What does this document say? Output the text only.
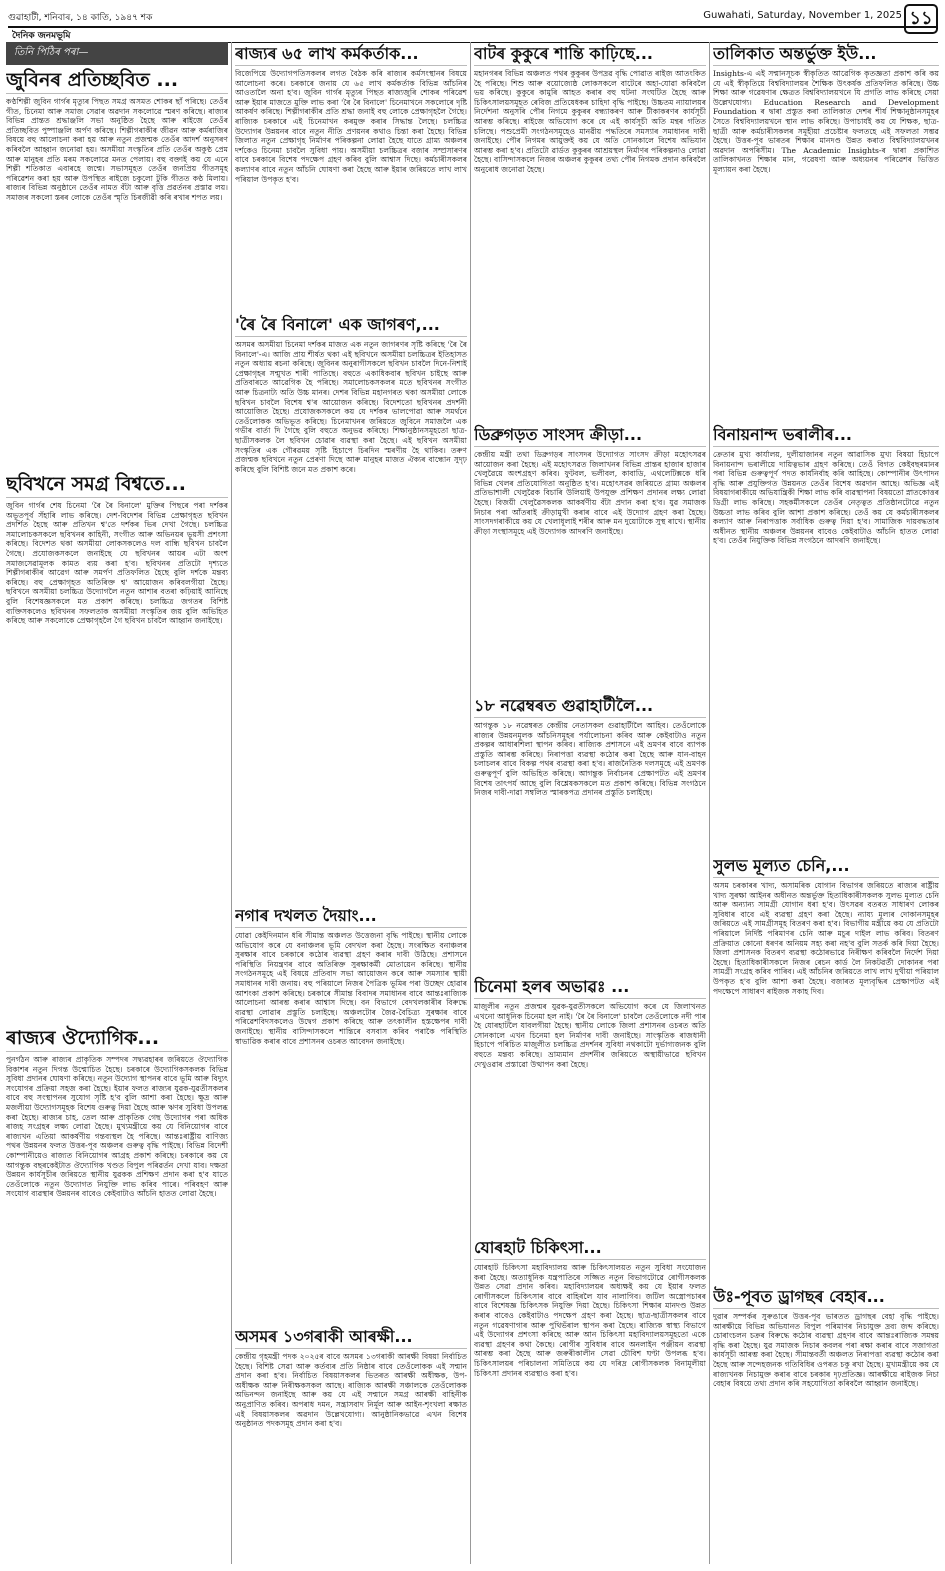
গুৱাহাটী, শনিবাৰ, ১৪ কাতি, ১৯৪৭ শক	Guwahati, Saturday, November 1, 2025 ১১
দৈনিক জনমভূমি
তিনি পিঠিৰ পৰা—
জুবিনৰ প্ৰতিচ্ছবিত ...
কণ্ঠশিল্পী জুবিন গাৰ্গৰ মৃত্যুৰ পিছত সমগ্ৰ অসমত শোকৰ ছাঁ পৰিছে। তেওঁৰ গীত, চিনেমা আৰু সমাজ সেৱাৰ অৱদান সকলোৱে স্মৰণ কৰিছে। ৰাজ্যৰ বিভিন্ন প্ৰান্তত শ্ৰদ্ধাঞ্জলি সভা অনুষ্ঠিত হৈছে আৰু ৰাইজে তেওঁৰ প্ৰতিচ্ছবিত পুষ্পাঞ্জলি অৰ্পণ কৰিছে। শিল্পীগৰাকীৰ জীৱন আৰু কৰ্মৰাজিৰ বিষয়ে বহু আলোচনা কৰা হয় আৰু নতুন প্ৰজন্মক তেওঁৰ আদৰ্শ অনুসৰণ কৰিবলৈ আহ্বান জনোৱা হয়। অসমীয়া সংস্কৃতিৰ প্ৰতি তেওঁৰ অকুণ্ঠ প্ৰেম আৰু মানুহৰ প্ৰতি মৰম সকলোৱে মনত পেলায়। বহু বক্তাই কয় যে এনে শিল্পী শতিকাত এবাৰহে জন্মে। সভাসমূহত তেওঁৰ জনপ্ৰিয় গীতসমূহ পৰিৱেশন কৰা হয় আৰু উপস্থিত ৰাইজে চকুলো টুকি গীতত কণ্ঠ মিলায়। ৰাজ্যৰ বিভিন্ন অনুষ্ঠানে তেওঁৰ নামত বঁটা আৰু বৃত্তি প্ৰৱৰ্তনৰ প্ৰস্তাৱ লয়। সমাজৰ সকলো স্তৰৰ লোকে তেওঁৰ স্মৃতি চিৰজীৱী কৰি ৰখাৰ শপত লয়।
ছবিখনে সমগ্ৰ বিশ্বতে...
জুবিন গাৰ্গৰ শেষ চিনেমা 'ৰৈ ৰৈ বিনালে' মুক্তিৰ পিছৰে পৰা দৰ্শকৰ অভূতপূৰ্ব সঁহাৰি লাভ কৰিছে। দেশ-বিদেশৰ বিভিন্ন প্ৰেক্ষাগৃহত ছবিখন প্ৰদৰ্শিত হৈছে আৰু প্ৰতিখন শ্ব'তে দৰ্শকৰ ভিৰ দেখা গৈছে। চলচ্চিত্ৰ সমালোচকসকলে ছবিখনৰ কাহিনী, সংগীত আৰু অভিনয়ৰ ভূয়সী প্ৰশংসা কৰিছে। বিদেশত থকা অসমীয়া লোকসকলেও দল বান্ধি ছবিখন চাবলৈ গৈছে। প্ৰযোজকসকলে জনাইছে যে ছবিখনৰ আয়ৰ এটা অংশ সমাজসেৱামূলক কামত ব্যয় কৰা হ'ব। ছবিখনৰ প্ৰতিটো দৃশ্যতে শিল্পীগৰাকীৰ আৱেগ আৰু সমৰ্পণ প্ৰতিফলিত হৈছে বুলি দৰ্শকে মন্তব্য কৰিছে। বহু প্ৰেক্ষাগৃহত অতিৰিক্ত শ্ব' আয়োজন কৰিবলগীয়া হৈছে। ছবিখনে অসমীয়া চলচ্চিত্ৰ উদ্যোগলৈ নতুন আশাৰ বতৰা কঢ়িয়াই আনিছে বুলি বিশেষজ্ঞসকলে মত প্ৰকাশ কৰিছে। চলচ্চিত্ৰ জগতৰ বিশিষ্ট ব্যক্তিসকলেও ছবিখনৰ সফলতাক অসমীয়া সংস্কৃতিৰ জয় বুলি অভিহিত কৰিছে আৰু সকলোকে প্ৰেক্ষাগৃহলৈ গৈ ছবিখন চাবলৈ আহ্বান জনাইছে।
ৰাজ্যৰ ঔদ্যোগিক...
পুনৰ্গঠন আৰু ৰাজ্যৰ প্ৰাকৃতিক সম্পদৰ সদ্ব্যৱহাৰৰ জৰিয়তে ঔদ্যোগিক বিকাশৰ নতুন দিগন্ত উন্মোচিত হৈছে। চৰকাৰে উদ্যোগিকসকলক বিভিন্ন সুবিধা প্ৰদানৰ ঘোষণা কৰিছে। নতুন উদ্যোগ স্থাপনৰ বাবে ভূমি আৰু বিদ্যুৎ সংযোগৰ প্ৰক্ৰিয়া সহজ কৰা হৈছে। ইয়াৰ ফলত ৰাজ্যৰ যুৱক-যুৱতীসকলৰ বাবে বহু সংস্থাপনৰ সুযোগ সৃষ্টি হ'ব বুলি আশা কৰা হৈছে। ক্ষুদ্ৰ আৰু মজলীয়া উদ্যোগসমূহক বিশেষ গুৰুত্ব দিয়া হৈছে আৰু ঋণৰ সুবিধা উপলব্ধ কৰা হৈছে। ৰাজ্যৰ চাহ, তেল আৰু প্ৰাকৃতিক গেছ উদ্যোগৰ পৰা অধিক ৰাজহ সংগ্ৰহৰ লক্ষ্য লোৱা হৈছে। মুখ্যমন্ত্ৰীয়ে কয় যে বিনিয়োগৰ বাবে ৰাজ্যখন এতিয়া আকৰ্ষণীয় গন্তব্যস্থল হৈ পৰিছে। আন্তঃৰাষ্ট্ৰীয় বাণিজ্য পথৰ উন্নয়নৰ ফলত উত্তৰ-পূব অঞ্চলৰ গুৰুত্ব বৃদ্ধি পাইছে। বিভিন্ন বিদেশী কোম্পানীয়েও ৰাজ্যত বিনিয়োগৰ আগ্ৰহ প্ৰকাশ কৰিছে। চৰকাৰে কয় যে আগন্তুক বছৰকেইটাত ঔদ্যোগিক খণ্ডত বিপুল পৰিৱৰ্তন দেখা যাব। দক্ষতা উন্নয়ন কাৰ্যসূচীৰ জৰিয়তে স্থানীয় যুৱকক প্ৰশিক্ষণ প্ৰদান কৰা হ'ব যাতে তেওঁলোকে নতুন উদ্যোগত নিযুক্তি লাভ কৰিব পাৰে। পৰিবহণ আৰু সংযোগ ব্যৱস্থাৰ উন্নয়নৰ বাবেও কেইবাটাও আঁচনি হাতত লোৱা হৈছে।
ৰাজ্যৰ ৬৫ লাখ কৰ্মকৰ্তাক...
বিজেপিয়ে উদ্যোগপতিসকলৰ লগত বৈঠক কৰি ৰাজ্যৰ কৰ্মসংস্থানৰ বিষয়ে আলোচনা কৰে। চৰকাৰে জনায় যে ৬৫ লাখ কৰ্মকৰ্তাক বিভিন্ন আঁচনিৰ আওতালৈ অনা হ'ব। জুবিন গাৰ্গৰ মৃত্যুৰ পিছত ৰাজ্যজুৰি শোকৰ পৰিৱেশ আৰু ইয়াৰ মাজতে মুক্তি লাভ কৰা 'ৰৈ ৰৈ বিনালে' চিনেমাখনে সকলোৰে দৃষ্টি আকৰ্ষণ কৰিছে। শিল্পীগৰাকীৰ প্ৰতি শ্ৰদ্ধা জনাই বহু লোকে প্ৰেক্ষাগৃহলৈ গৈছে। ৰাজ্যিক চৰকাৰে এই চিনেমাখন কৰমুক্ত কৰাৰ সিদ্ধান্ত লৈছে। চলচ্চিত্ৰ উদ্যোগৰ উন্নয়নৰ বাবে নতুন নীতি প্ৰণয়নৰ কথাও চিন্তা কৰা হৈছে। বিভিন্ন জিলাত নতুন প্ৰেক্ষাগৃহ নিৰ্মাণৰ পৰিকল্পনা লোৱা হৈছে যাতে গ্ৰাম্য অঞ্চলৰ দৰ্শকেও চিনেমা চাবলৈ সুবিধা পায়। অসমীয়া চলচ্চিত্ৰৰ বজাৰ সম্প্ৰসাৰণৰ বাবে চৰকাৰে বিশেষ পদক্ষেপ গ্ৰহণ কৰিব বুলি আশ্বাস দিছে। কৰ্মচাৰীসকলৰ কল্যাণৰ বাবে নতুন আঁচনি ঘোষণা কৰা হৈছে আৰু ইয়াৰ জৰিয়তে লাখ লাখ পৰিয়াল উপকৃত হ'ব।
'ৰৈ ৰৈ বিনালে' এক জাগৰণ,...
অসমৰ অসমীয়া চিনেমা দৰ্শকৰ মাজত এক নতুন জাগৰণৰ সৃষ্টি কৰিছে 'ৰৈ ৰৈ বিনালে'-এ। আজি প্ৰায় শীৰ্ষত থকা এই ছবিখনে অসমীয়া চলচ্চিত্ৰৰ ইতিহাসত নতুন অধ্যায় ৰচনা কৰিছে। জুবিনৰ অনুৰাগীসকলে ছবিখন চাবলৈ দিনে-নিশাই প্ৰেক্ষাগৃহৰ সন্মুখত শাৰী পাতিছে। বহুতে একাধিকবাৰ ছবিখন চাইছে আৰু প্ৰতিবাৰতে আৱেগিক হৈ পৰিছে। সমালোচকসকলৰ মতে ছবিখনৰ সংগীত আৰু চিত্ৰনাট্য অতি উচ্চ মানৰ। দেশৰ বিভিন্ন মহানগৰত থকা অসমীয়া লোকে ছবিখন চাবলৈ বিশেষ শ্ব'ৰ আয়োজন কৰিছে। বিদেশতো ছবিখনৰ প্ৰদৰ্শনী আয়োজিত হৈছে। প্ৰযোজকসকলে কয় যে দৰ্শকৰ ভালপোৱা আৰু সমৰ্থনে তেওঁলোকক অভিভূত কৰিছে। চিনেমাখনৰ জৰিয়তে জুবিনে সমাজলৈ এক গভীৰ বাৰ্তা দি গৈছে বুলি বহুতে অনুভৱ কৰিছে। শিক্ষানুষ্ঠানসমূহতো ছাত্ৰ-ছাত্ৰীসকলক লৈ ছবিখন চোৱাৰ ব্যৱস্থা কৰা হৈছে। এই ছবিখন অসমীয়া সংস্কৃতিৰ এক গৌৰৱময় সৃষ্টি হিচাপে চিৰদিন স্মৰণীয় হৈ থাকিব। তৰুণ প্ৰজন্মক ছবিখনে নতুন প্ৰেৰণা দিছে আৰু মানুহৰ মাজত ঐক্যৰ বান্ধোন সুদৃঢ় কৰিছে বুলি বিশিষ্ট জনে মত প্ৰকাশ কৰে।
নগাৰ দখলত দৈয়াং...
যোৱা কেইদিনমান ধৰি সীমান্ত অঞ্চলত উত্তেজনা বৃদ্ধি পাইছে। স্থানীয় লোকে অভিযোগ কৰে যে বনাঞ্চলৰ ভূমি বেদখল কৰা হৈছে। সংৰক্ষিত বনাঞ্চলৰ সুৰক্ষাৰ বাবে চৰকাৰে কঠোৰ ব্যৱস্থা গ্ৰহণ কৰাৰ দাবী উঠিছে। প্ৰশাসনে পৰিস্থিতি নিয়ন্ত্ৰণৰ বাবে অতিৰিক্ত সুৰক্ষাকৰ্মী মোতায়েন কৰিছে। স্থানীয় সংগঠনসমূহে এই বিষয়ে প্ৰতিবাদ সভা আয়োজন কৰে আৰু সমস্যাৰ স্থায়ী সমাধানৰ দাবী জনায়। বহু পৰিয়ালে নিজৰ পৈত্ৰিক ভূমিৰ পৰা উচ্ছেদ হোৱাৰ আশংকা প্ৰকাশ কৰিছে। চৰকাৰে সীমান্ত বিবাদৰ সমাধানৰ বাবে আন্তঃৰাজ্যিক আলোচনা আৰম্ভ কৰাৰ আশ্বাস দিছে। বন বিভাগে বেদখলকাৰীৰ বিৰুদ্ধে ব্যৱস্থা লোৱাৰ প্ৰস্তুতি চলাইছে। অঞ্চলটোৰ জৈৱ-বৈচিত্ৰ্য সুৰক্ষাৰ বাবে পৰিৱেশবিদসকলেও উদ্বেগ প্ৰকাশ কৰিছে আৰু তৎকালীন হস্তক্ষেপৰ দাবী জনাইছে। স্থানীয় বাসিন্দাসকলে শান্তিৰে বসবাস কৰিব পৰাকৈ পৰিস্থিতি স্বাভাৱিক কৰাৰ বাবে প্ৰশাসনৰ ওচৰত আবেদন জনাইছে।
অসমৰ ১৩গৰাকী আৰক্ষী...
কেন্দ্ৰীয় গৃহমন্ত্ৰী পদক ২০২৫ৰ বাবে অসমৰ ১৩গৰাকী আৰক্ষী বিষয়া নিৰ্বাচিত হৈছে। বিশিষ্ট সেৱা আৰু কৰ্তব্যৰ প্ৰতি নিষ্ঠাৰ বাবে তেওঁলোকক এই সন্মান প্ৰদান কৰা হ'ব। নিৰ্বাচিত বিষয়াসকলৰ ভিতৰত আৰক্ষী অধীক্ষক, উপ-অধীক্ষক আৰু নিৰীক্ষকসকল আছে। ৰাজ্যিক আৰক্ষী সঞ্চালকে তেওঁলোকক অভিনন্দন জনাইছে আৰু কয় যে এই সন্মানে সমগ্ৰ আৰক্ষী বাহিনীক অনুপ্ৰাণিত কৰিব। অপৰাধ দমন, সন্ত্ৰাসবাদ নিৰ্মূল আৰু আইন-শৃংখলা ৰক্ষাত এই বিষয়াসকলৰ অৱদান উল্লেখযোগ্য। আনুষ্ঠানিকভাৱে এখন বিশেষ অনুষ্ঠানত পদকসমূহ প্ৰদান কৰা হ'ব।
বাটৰ কুকুৰে শান্তি কাঢ়িছে...
মহানগৰৰ বিভিন্ন অঞ্চলত পথৰ কুকুৰৰ উপদ্ৰৱ বৃদ্ধি পোৱাত ৰাইজ আতংকিত হৈ পৰিছে। শিশু আৰু বয়োজ্যেষ্ঠ লোকসকলে বাটেৰে অহা-যোৱা কৰিবলৈ ভয় কৰিছে। কুকুৰে কামুৰি আহত কৰাৰ বহু ঘটনা সংঘটিত হৈছে আৰু চিকিৎসালয়সমূহত ৰেবিজ প্ৰতিষেধকৰ চাহিদা বৃদ্ধি পাইছে। উচ্চতম ন্যায়ালয়ৰ নিৰ্দেশনা অনুসৰি পৌৰ নিগমে কুকুৰৰ বন্ধ্যাকৰণ আৰু টীকাকৰণৰ কাৰ্যসূচী আৰম্ভ কৰিছে। ৰাইজে অভিযোগ কৰে যে এই কাৰ্যসূচী অতি মন্থৰ গতিত চলিছে। পশুপ্ৰেমী সংগঠনসমূহেও মানৱীয় পদ্ধতিৰে সমস্যাৰ সমাধানৰ দাবী জনাইছে। পৌৰ নিগমৰ আয়ুক্তই কয় যে অতি সোনকালে বিশেষ অভিযান আৰম্ভ কৰা হ'ব। প্ৰতিটো ৱাৰ্ডত কুকুৰৰ আশ্ৰয়স্থল নিৰ্মাণৰ পৰিকল্পনাও লোৱা হৈছে। বাসিন্দাসকলে নিজৰ অঞ্চলৰ কুকুৰৰ তথ্য পৌৰ নিগমক প্ৰদান কৰিবলৈ অনুৰোধ জনোৱা হৈছে।
ডিব্ৰুগড়ত সাংসদ ক্ৰীড়া...
কেন্দ্ৰীয় মন্ত্ৰী তথা ডিব্ৰুগড়ৰ সাংসদৰ উদ্যোগত সাংসদ ক্ৰীড়া মহোৎসৱৰ আয়োজন কৰা হৈছে। এই মহোৎসৱত জিলাখনৰ বিভিন্ন প্ৰান্তৰ হাজাৰ হাজাৰ খেলুৱৈয়ে অংশগ্ৰহণ কৰিব। ফুটবল, ভলীবল, কাবাডি, এথলেটিক্সকে ধৰি বিভিন্ন খেলৰ প্ৰতিযোগিতা অনুষ্ঠিত হ'ব। মহোৎসৱৰ জৰিয়তে গ্ৰাম্য অঞ্চলৰ প্ৰতিভাশালী খেলুৱৈক বিচাৰি উলিয়াই উপযুক্ত প্ৰশিক্ষণ প্ৰদানৰ লক্ষ্য লোৱা হৈছে। বিজয়ী খেলুৱৈসকলক আকৰ্ষণীয় বঁটা প্ৰদান কৰা হ'ব। যুৱ সমাজক নিচাৰ পৰা আঁতৰাই ক্ৰীড়ামুখী কৰাৰ বাবে এই উদ্যোগ গ্ৰহণ কৰা হৈছে। সাংসদগৰাকীয়ে কয় যে খেলাধূলাই শৰীৰ আৰু মন দুয়োটাকে সুস্থ ৰাখে। স্থানীয় ক্ৰীড়া সংস্থাসমূহে এই উদ্যোগক আদৰণি জনাইছে।
১৮ নৱেম্বৰত গুৱাহাটীলৈ...
আগন্তুক ১৮ নৱেম্বৰত কেন্দ্ৰীয় নেতাসকল গুৱাহাটীলৈ আহিব। তেওঁলোকে ৰাজ্যৰ উন্নয়নমূলক আঁচনিসমূহৰ পৰ্যালোচনা কৰিব আৰু কেইবাটাও নতুন প্ৰকল্পৰ আধাৰশিলা স্থাপন কৰিব। ৰাজ্যিক প্ৰশাসনে এই ভ্ৰমণৰ বাবে ব্যাপক প্ৰস্তুতি আৰম্ভ কৰিছে। নিৰাপত্তা ব্যৱস্থা কঠোৰ কৰা হৈছে আৰু যান-বাহন চলাচলৰ বাবে বিকল্প পথৰ ব্যৱস্থা কৰা হ'ব। ৰাজনৈতিক দলসমূহে এই ভ্ৰমণক গুৰুত্বপূৰ্ণ বুলি অভিহিত কৰিছে। আগন্তুক নিৰ্বাচনৰ প্ৰেক্ষাপটত এই ভ্ৰমণৰ বিশেষ তাৎপৰ্য আছে বুলি বিশ্লেষকসকলে মত প্ৰকাশ কৰিছে। বিভিন্ন সংগঠনে নিজৰ দাবী-দাৱা সম্বলিত স্মাৰকপত্ৰ প্ৰদানৰ প্ৰস্তুতি চলাইছে।
চিনেমা হলৰ অভাৱঃ ...
মাজুলীৰ নতুন প্ৰজন্মৰ যুৱক-যুৱতীসকলে অভিযোগ কৰে যে জিলাখনত এখনো আধুনিক চিনেমা হল নাই। 'ৰৈ ৰৈ বিনালে' চাবলৈ তেওঁলোকে নদী পাৰ হৈ যোৰহাটলৈ যাবলগীয়া হৈছে। স্থানীয় লোকে জিলা প্ৰশাসনৰ ওচৰত অতি সোনকালে এখন চিনেমা হল নিৰ্মাণৰ দাবী জনাইছে। সাংস্কৃতিক ৰাজধানী হিচাপে পৰিচিত মাজুলীত চলচ্চিত্ৰ প্ৰদৰ্শনৰ সুবিধা নথকাটো দুৰ্ভাগ্যজনক বুলি বহুতে মন্তব্য কৰিছে। ভ্ৰাম্যমান প্ৰদৰ্শনীৰ জৰিয়তে অস্থায়ীভাৱে ছবিখন দেখুওৱাৰ প্ৰস্তাৱো উত্থাপন কৰা হৈছে।
যোৰহাট চিকিৎসা...
যোৰহাট চিকিৎসা মহাবিদ্যালয় আৰু চিকিৎসালয়ত নতুন সুবিধা সংযোজন কৰা হৈছে। অত্যাধুনিক যন্ত্ৰপাতিৰে সজ্জিত নতুন বিভাগটোৱে ৰোগীসকলক উন্নত সেৱা প্ৰদান কৰিব। মহাবিদ্যালয়ৰ অধ্যক্ষই কয় যে ইয়াৰ ফলত ৰোগীসকলে চিকিৎসাৰ বাবে বাহিৰলৈ যাব নালাগিব। জটিল অস্ত্ৰোপচাৰৰ বাবে বিশেষজ্ঞ চিকিৎসক নিযুক্তি দিয়া হৈছে। চিকিৎসা শিক্ষাৰ মানদণ্ড উন্নত কৰাৰ বাবেও কেইবাটাও পদক্ষেপ গ্ৰহণ কৰা হৈছে। ছাত্ৰ-ছাত্ৰীসকলৰ বাবে নতুন গৱেষণাগাৰ আৰু পুথিভঁৰাল স্থাপন কৰা হৈছে। ৰাজ্যিক স্বাস্থ্য বিভাগে এই উদ্যোগৰ প্ৰশংসা কৰিছে আৰু আন চিকিৎসা মহাবিদ্যালয়সমূহতো একে ব্যৱস্থা গ্ৰহণৰ কথা কৈছে। ৰোগীৰ সুবিধাৰ বাবে অনলাইন পঞ্জীয়ন ব্যৱস্থা আৰম্ভ কৰা হৈছে আৰু জৰুৰীকালীন সেৱা চৌবিশ ঘণ্টা উপলব্ধ হ'ব। চিকিৎসালয়ৰ পৰিচালনা সমিতিয়ে কয় যে দৰিদ্ৰ ৰোগীসকলক বিনামূলীয়া চিকিৎসা প্ৰদানৰ ব্যৱস্থাও কৰা হ'ব।
তালিকাত অন্তৰ্ভুক্ত ইউ...
Insights-এ এই সন্মানসূচক স্বীকৃতিত আৱেগিক কৃতজ্ঞতা প্ৰকাশ কৰি কয় যে এই স্বীকৃতিয়ে বিশ্ববিদ্যালয়ৰ শৈক্ষিক উৎকৰ্ষক প্ৰতিফলিত কৰিছে। উচ্চ শিক্ষা আৰু গৱেষণাৰ ক্ষেত্ৰত বিশ্ববিদ্যালয়খনে যি প্ৰগতি লাভ কৰিছে সেয়া উল্লেখযোগ্য। Education Research and Development Foundation ৰ দ্বাৰা প্ৰস্তুত কৰা তালিকাত দেশৰ শীৰ্ষ শিক্ষানুষ্ঠানসমূহৰ সৈতে বিশ্ববিদ্যালয়খনে স্থান লাভ কৰিছে। উপাচাৰ্যই কয় যে শিক্ষক, ছাত্ৰ-ছাত্ৰী আৰু কৰ্মচাৰীসকলৰ সমূহীয়া প্ৰচেষ্টাৰ ফলতহে এই সফলতা সম্ভৱ হৈছে। উত্তৰ-পূব ভাৰতৰ শিক্ষাৰ মানদণ্ড উন্নত কৰাত বিশ্ববিদ্যালয়খনৰ অৱদান অপৰিসীম। The Academic Insights-ৰ দ্বাৰা প্ৰকাশিত তালিকাখনত শিক্ষাৰ মান, গৱেষণা আৰু অধ্যয়নৰ পৰিৱেশৰ ভিত্তিত মূল্যায়ন কৰা হৈছে।
বিনায়নান্দ ভৰালীৰ...
ক্ৰেতাৰ মুখ্য কাৰ্যালয়, দুলীয়াজানৰ নতুন আৱাসিক মুখ্য বিষয়া হিচাপে বিনায়নান্দ ভৰালীয়ে দায়িত্বভাৰ গ্ৰহণ কৰিছে। তেওঁ বিগত কেইবছৰমানৰ পৰা বিভিন্ন গুৰুত্বপূৰ্ণ পদত কাৰ্যনিৰ্বাহ কৰি আহিছে। কোম্পানীৰ উৎপাদন বৃদ্ধি আৰু প্ৰযুক্তিগত উন্নয়নত তেওঁৰ বিশেষ অৱদান আছে। অভিজ্ঞ এই বিষয়াগৰাকীয়ে অভিযান্ত্ৰিকী শিক্ষা লাভ কৰি ব্যৱস্থাপনা বিষয়তো স্নাতকোত্তৰ ডিগ্ৰী লাভ কৰিছে। সহকৰ্মীসকলে তেওঁৰ নেতৃত্বত প্ৰতিষ্ঠানটোৱে নতুন উচ্চতা লাভ কৰিব বুলি আশা প্ৰকাশ কৰিছে। তেওঁ কয় যে কৰ্মচাৰীসকলৰ কল্যাণ আৰু নিৰাপত্তাক সৰ্বাধিক গুৰুত্ব দিয়া হ'ব। সামাজিক দায়বদ্ধতাৰ অধীনত স্থানীয় অঞ্চলৰ উন্নয়নৰ বাবেও কেইবাটাও আঁচনি হাতত লোৱা হ'ব। তেওঁৰ নিযুক্তিক বিভিন্ন সংগঠনে আদৰণি জনাইছে।
সুলভ মূল্যত চেনি,...
অসম চৰকাৰৰ খাদ্য, অসামৰিক যোগান বিভাগৰ জৰিয়তে ৰাজ্যৰ ৰাষ্ট্ৰীয় খাদ্য সুৰক্ষা আইনৰ অধীনত অন্তৰ্ভুক্ত হিতাধিকাৰীসকলক সুলভ মূল্যত চেনি আৰু অন্যান্য সামগ্ৰী যোগান ধৰা হ'ব। উৎসৱৰ বতৰত সাধাৰণ লোকৰ সুবিধাৰ বাবে এই ব্যৱস্থা গ্ৰহণ কৰা হৈছে। ন্যায্য মূল্যৰ দোকানসমূহৰ জৰিয়তে এই সামগ্ৰীসমূহ বিতৰণ কৰা হ'ব। বিভাগীয় মন্ত্ৰীয়ে কয় যে প্ৰতিটো পৰিয়ালে নিৰ্দিষ্ট পৰিমাণৰ চেনি আৰু মচুৰ দাইল লাভ কৰিব। বিতৰণ প্ৰক্ৰিয়াত কোনো ধৰণৰ অনিয়ম সহ্য কৰা নহ'ব বুলি সতৰ্ক কৰি দিয়া হৈছে। জিলা প্ৰশাসনক বিতৰণ ব্যৱস্থা কঠোৰভাৱে নিৰীক্ষণ কৰিবলৈ নিৰ্দেশ দিয়া হৈছে। হিতাধিকাৰীসকলে নিজৰ ৰেচন কাৰ্ড লৈ নিকটৱৰ্তী দোকানৰ পৰা সামগ্ৰী সংগ্ৰহ কৰিব পাৰিব। এই আঁচনিৰ জৰিয়তে লাখ লাখ দুখীয়া পৰিয়াল উপকৃত হ'ব বুলি আশা কৰা হৈছে। বজাৰত মূল্যবৃদ্ধিৰ প্ৰেক্ষাপটত এই পদক্ষেপে সাধাৰণ ৰাইজক সকাহ দিব।
উঃ-পূবত ড্ৰাগছৰ বেহাৰ...
দুৱাৰ সম্পৰ্কৰ সুৰুঙাৰে উত্তৰ-পূব ভাৰতত ড্ৰাগছৰ বেহা বৃদ্ধি পাইছে। আৰক্ষীয়ে বিভিন্ন অভিযানত বিপুল পৰিমাণৰ নিচাযুক্ত দ্ৰব্য জব্দ কৰিছে। চোৰাংচলন চক্ৰৰ বিৰুদ্ধে কঠোৰ ব্যৱস্থা গ্ৰহণৰ বাবে আন্তঃৰাজ্যিক সমন্বয় বৃদ্ধি কৰা হৈছে। যুৱ সমাজক নিচাৰ কবলৰ পৰা ৰক্ষা কৰাৰ বাবে সজাগতা কাৰ্যসূচী আৰম্ভ কৰা হৈছে। সীমান্তবৰ্তী অঞ্চলত নিৰাপত্তা ব্যৱস্থা কঠোৰ কৰা হৈছে আৰু সন্দেহজনক গতিবিধিৰ ওপৰত চকু ৰখা হৈছে। মুখ্যমন্ত্ৰীয়ে কয় যে ৰাজ্যখনক নিচামুক্ত কৰাৰ বাবে চৰকাৰ দৃঢ়প্ৰতিজ্ঞ। আৰক্ষীয়ে ৰাইজক নিচা বেহাৰ বিষয়ে তথ্য প্ৰদান কৰি সহযোগিতা কৰিবলৈ আহ্বান জনাইছে।
